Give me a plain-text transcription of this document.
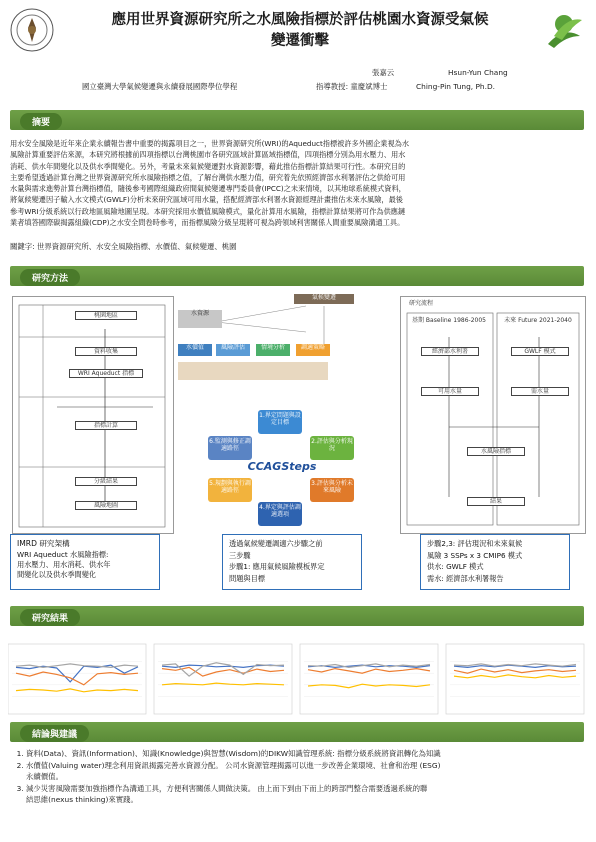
應用世界資源研究所之水風險指標於評估桃園水資源受氣候
變遷衝擊
張嘉云	Hsun-Yun Chang
國立臺灣大學氣候變遷與永續發展國際學位學程	指導教授: 童慶斌博士	Ching-Pin Tung, Ph.D.
摘要
用水安全風險是近年來企業永續報告書中重要的揭露項目之一，世界資源研究所(WRI)的Aqueduct指標被許多外國企業視為水
風險計算重要評估來源，本研究將根據前四項指標以台灣桃園市各研究區域計算區域指標值，四項指標分別為用水壓力、用水
消耗、供水年間變化以及供水季間變化。另外，考量未來氣候變遷對水資源影響，藉此推估指標計算結果可行性。本研究目的
主要希望透過計算台灣之世界資源研究所水風險指標之值，了解台灣供水壓力值，研究着先依照經濟部水利署評估之供給可用
水量與需求進勢計算台灣指標值，隨後參考國際組織政府間氣候變遷專門委員會(IPCC)之未來情境，以其地球系統模式資料，
將氣候變遷因子輸入水文模式(GWLF)分析未來研究區域可用水量，搭配經濟部水利署水資源經理計畫推估未來水風險，最後
參考WRI分級系統以行政地區風險地圖呈現。本研究採用水價值風險模式，量化計算用水風險，指標計算結果將可作為供應鏈
業者填答國際碳揭露組織(CDP)之水安全問卷時參考，而指標風險分級呈現將可視為跨領域利害關係人間重要風險溝通工具。
關鍵字: 世界資源研究所、水安全風險指標、水價值、氣候變遷、桃園
研究方法
桃園地區
資料收集
WRI Aqueduct 指標
指標計算
分級結果
風險地圖
氣候變遷
水資源
水價值	風險評估	情境分析	調適策略
1.界定問題與設定目標
2.評估與分析現況
3.評估與分析未來風險
4.界定與評估調適選項
5.規劃與執行調適路徑
6.監測與修正調適路徑
CCAGSteps
研究流程
基期 Baseline 1986-2005	未來 Future 2021-2040
經濟部水利署	GWLF 模式
可用水量	需水量
水風險指標
結果
IMRD 研究架構
WRI Aqueduct 水風險指標:
用水壓力、用水消耗、供水年
間變化以及供水季間變化
透過氣候變遷調適六步驟之前
三步驟
步驟1: 應用氣候風險模板界定
問題與目標
步驟2,3: 評估現況和未來氣候
風險 3 SSPs x 3 CMIP6 模式
供水: GWLF 模式
需水: 經濟部水利署報告
研究結果
結論與建議
1. 資料(Data)、資訊(Information)、知識(Knowledge)與智慧(Wisdom)的DIKW知識管理系統: 指標分級系統將資訊轉化為知識
2. 水價值(Valuing water)理念利用資訊揭露完善水資源分配。 公司水資源管理揭露可以進一步改善企業環境、社會和治理 (ESG)
永續價值。
3. 減少災害風險需要加強指標作為溝通工具，方便利害關係人間做決策。 由上而下到由下而上的跨部門整合需要透過系統的聯
結思維(nexus thinking)來實踐。
